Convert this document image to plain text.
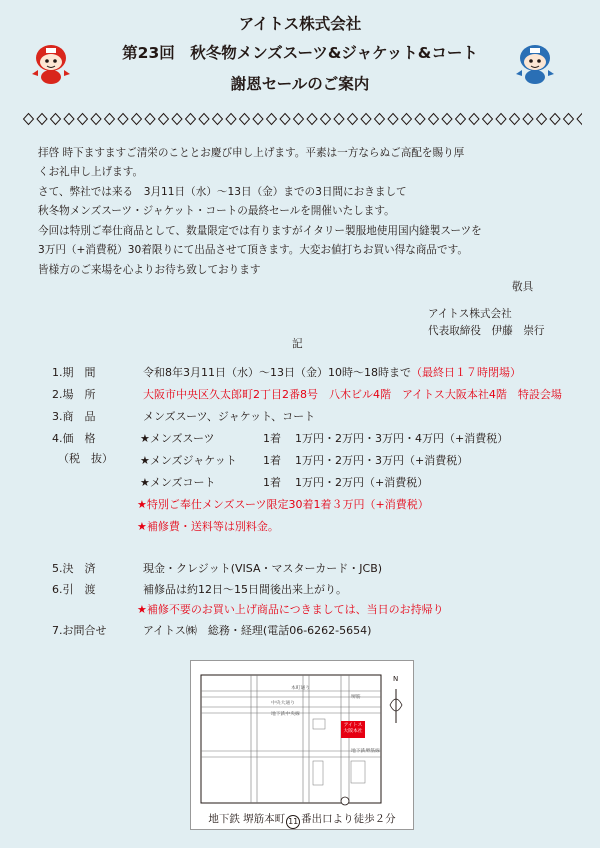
アイトス株式会社
第23回　秋冬物メンズスーツ&ジャケット&コート
謝恩セールのご案内
拝啓 時下ますますご清栄のこととお慶び申し上げます。平素は一方ならぬご高配を賜り厚
くお礼申し上げます。
さて、弊社では来る　3月11日（水）～13日（金）までの3日間におきまして
秋冬物メンズスーツ・ジャケット・コートの最終セールを開催いたします。
今回は特別ご奉仕商品として、数量限定では有りますがイタリー製服地使用国内縫製スーツを
3万円（+消費税）30着限りにて出品させて頂きます。大変お値打ちお買い得な商品です。
皆様方のご来場を心よりお待ち致しております
敬具
アイトス株式会社
代表取締役　伊藤　崇行
記
1.期　間	令和8年3月11日（水）～13日（金）10時～18時まで（最終日１７時閉場）
2.場　所	大阪市中央区久太郎町2丁目2番8号　八木ビル4階　アイトス大阪本社4階　特設会場
3.商　品	メンズスーツ、ジャケット、コート
4.価　格
（税　抜）
★メンズスーツ	1着 1万円・2万円・3万円・4万円（+消費税）
★メンズジャケット 1着 1万円・2万円・3万円（+消費税）
★メンズコート	1着 1万円・2万円（+消費税）
★特別ご奉仕メンズスーツ限定30着1着３万円（+消費税）
★補修費・送料等は別料金。
5.決　済	現金・クレジット(VISA・マスターカード・JCB)
6.引　渡	補修品は約12日～15日間後出来上がり。
★補修不要のお買い上げ商品につきましては、当日のお持帰り
7.お問合せ	アイトス㈱　総務・経理(電話06-6262-5654)
アイトス
大阪本社
N
本町通り
中央大通り
地下鉄中央線
堺筋
地下鉄堺筋線
地下鉄 堺筋本町 11 番出口より徒歩２分
